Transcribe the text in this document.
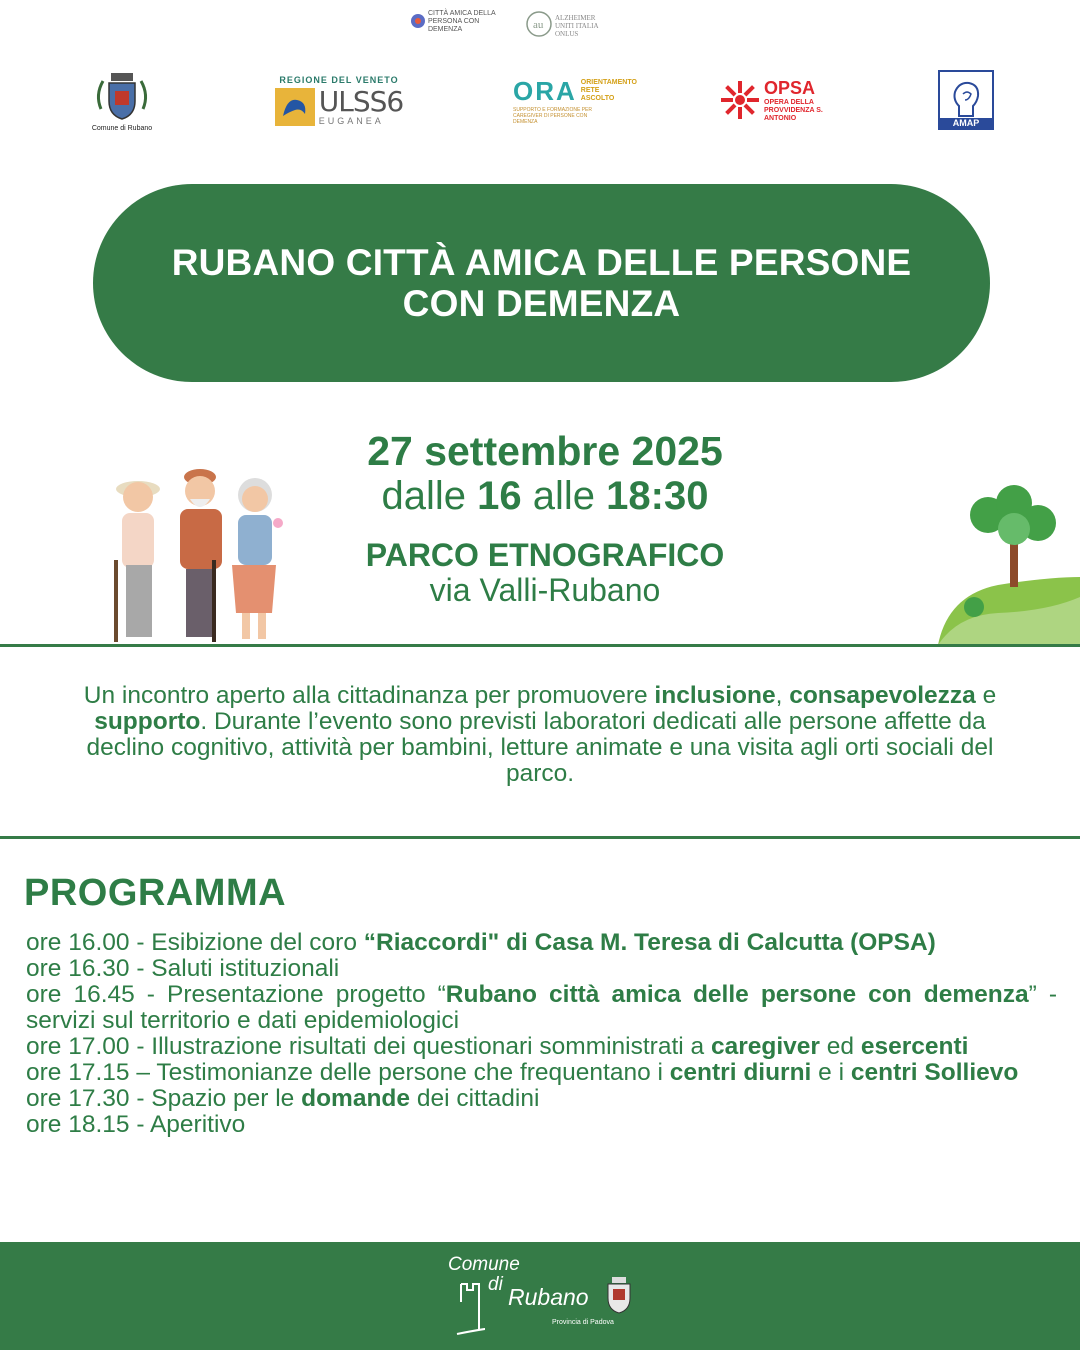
CITTÀ AMICA DELLA PERSONA CON DEMENZA	au
ALZHEIMER UNITI ITALIA ONLUS
Comune di Rubano
REGIONE DEL VENETO
ULSS6
EUGANEA
ORA ORIENTAMENTO RETE ASCOLTO
SUPPORTO E FORMAZIONE PER CAREGIVER DI PERSONE CON DEMENZA
OPSA
OPERA DELLA PROVVIDENZA S. ANTONIO	AMAP
RUBANO CITTÀ AMICA DELLE PERSONE CON DEMENZA
27 settembre 2025
dalle 16 alle 18:30
PARCO ETNOGRAFICO
via Valli-Rubano
Un incontro aperto alla cittadinanza per promuovere inclusione, consapevolezza e supporto. Durante l’evento sono previsti laboratori dedicati alle persone affette da declino cognitivo, attività per bambini, letture animate e una visita agli orti sociali del parco.
PROGRAMMA
ore 16.00 - Esibizione del coro “Riaccordi" di Casa M. Teresa di Calcutta (OPSA)
ore 16.30 - Saluti istituzionali
ore 16.45 - Presentazione progetto “Rubano città amica delle persone con demenza” - servizi sul territorio e dati epidemiologici
ore 17.00 - Illustrazione risultati dei questionari somministrati a caregiver ed esercenti
ore 17.15 – Testimonianze delle persone che frequentano i centri diurni e i centri Sollievo
ore 17.30 - Spazio per le domande dei cittadini
ore 18.15 - Aperitivo
Comune
di Rubano
Provincia di Padova
